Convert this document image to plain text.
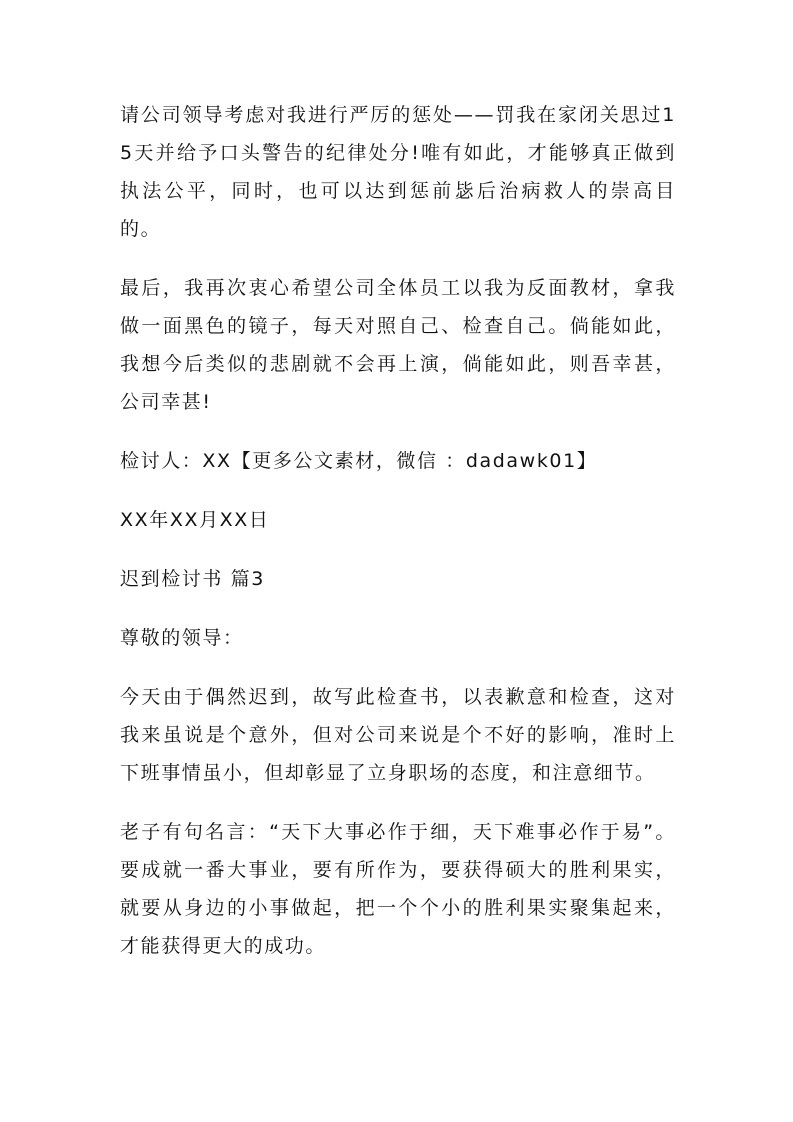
请公司领导考虑对我进行严厉的惩处——罚我在家闭关思过15天并给予口头警告的纪律处分!唯有如此，才能够真正做到执法公平，同时，也可以达到惩前毖后治病救人的崇高目的。

最后，我再次衷心希望公司全体员工以我为反面教材，拿我做一面黑色的镜子，每天对照自己、检查自己。倘能如此，我想今后类似的悲剧就不会再上演，倘能如此，则吾幸甚，公司幸甚!

检讨人：XX【更多公文素材，微信 ：dadawk01】

XX年XX月XX日

迟到检讨书 篇3

尊敬的领导：

今天由于偶然迟到，故写此检查书，以表歉意和检查，这对我来虽说是个意外，但对公司来说是个不好的影响，准时上下班事情虽小，但却彰显了立身职场的态度，和注意细节。

老子有句名言：“天下大事必作于细，天下难事必作于易”。要成就一番大事业，要有所作为，要获得硕大的胜利果实，就要从身边的小事做起，把一个个小的胜利果实聚集起来，才能获得更大的成功。
